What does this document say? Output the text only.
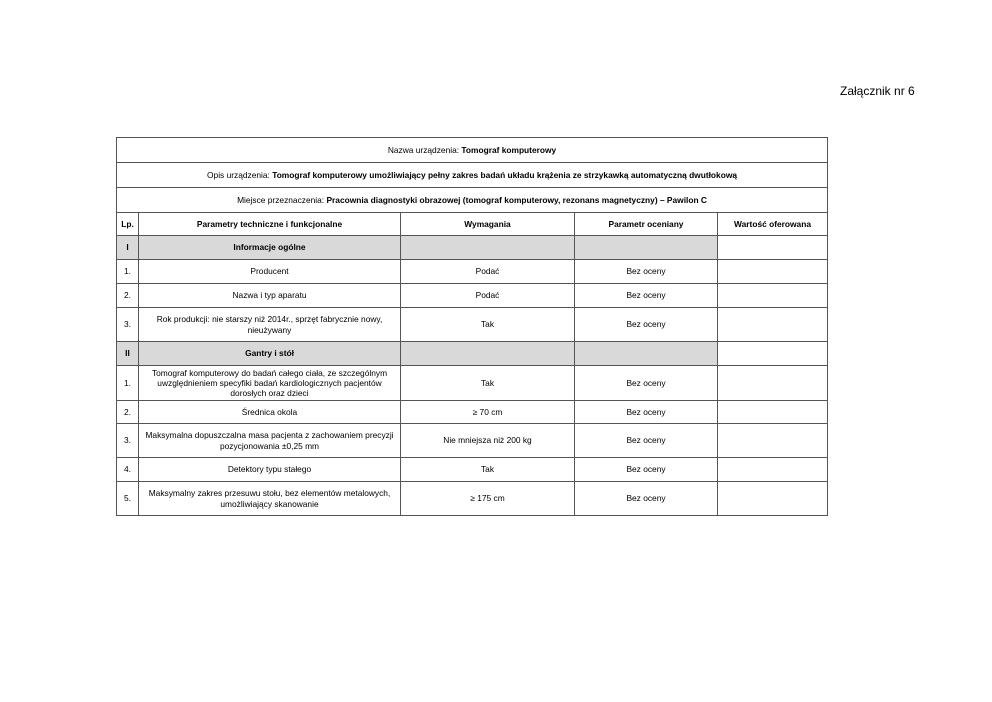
Załącznik nr 6
Nazwa urządzenia: Tomograf komputerowy				
Opis urządzenia: Tomograf komputerowy umożliwiający pełny zakres badań układu krążenia ze strzykawką automatyczną dwutłokową				
Miejsce przeznaczenia: Pracownia diagnostyki obrazowej (tomograf komputerowy, rezonans magnetyczny) – Pawilon C				
Lp.	Parametry techniczne i funkcjonalne	Wymagania	Parametr oceniany	Wartość oferowana
I	Informacje ogólne			
1.	Producent	Podać	Bez oceny	
2.	Nazwa i typ aparatu	Podać	Bez oceny	
3.	Rok produkcji: nie starszy niż 2014r., sprzęt fabrycznie nowy, nieużywany	Tak	Bez oceny	
II	Gantry i stół			
1.	Tomograf komputerowy do badań całego ciała, ze szczególnym uwzględnieniem specyfiki badań kardiologicznych pacjentów dorosłych oraz dzieci	Tak	Bez oceny	
2.	Średnica okola	≥ 70 cm	Bez oceny	
3.	Maksymalna dopuszczalna masa pacjenta z zachowaniem precyzji pozycjonowania ±0,25 mm	Nie mniejsza niż 200 kg	Bez oceny	
4.	Detektory typu stałego	Tak	Bez oceny	
5.	Maksymalny zakres przesuwu stołu, bez elementów metalowych, umożliwiający skanowanie	≥ 175 cm	Bez oceny	
